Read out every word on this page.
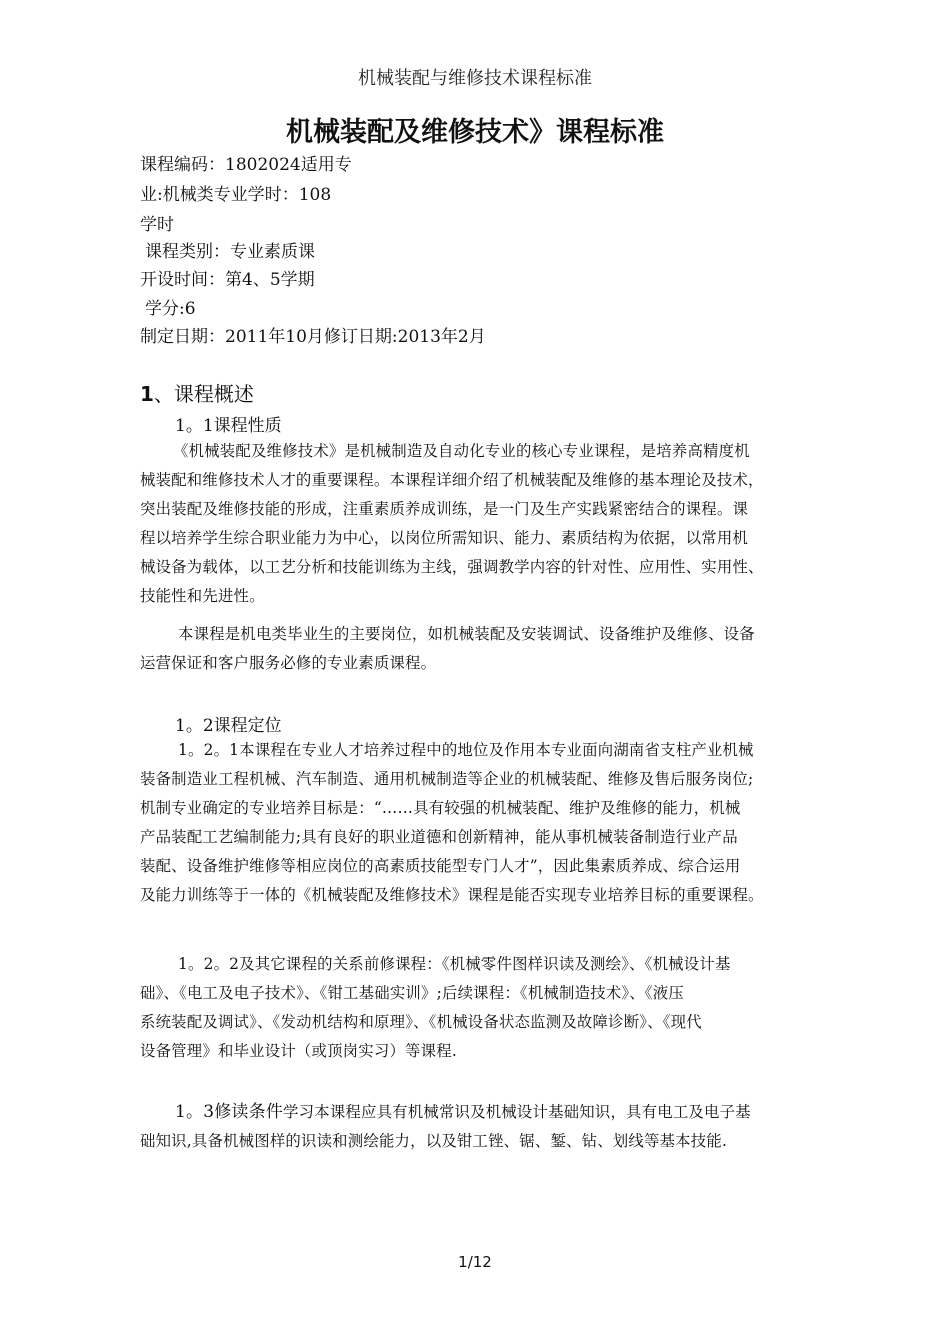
机械装配与维修技术课程标准
机械装配及维修技术》课程标准
课程编码：1802024适用专
业:机械类专业学时：108
学时
课程类别：专业素质课
开设时间：第4、5学期
学分:6
制定日期：2011年10月修订日期:2013年2月
1、课程概述
1。1课程性质
《机械装配及维修技术》是机械制造及自动化专业的核心专业课程，是培养高精度机
械装配和维修技术人才的重要课程。本课程详细介绍了机械装配及维修的基本理论及技术，
突出装配及维修技能的形成，注重素质养成训练，是一门及生产实践紧密结合的课程。课
程以培养学生综合职业能力为中心，以岗位所需知识、能力、素质结构为依据，以常用机
械设备为载体，以工艺分析和技能训练为主线，强调教学内容的针对性、应用性、实用性、
技能性和先进性。
本课程是机电类毕业生的主要岗位，如机械装配及安装调试、设备维护及维修、设备
运营保证和客户服务必修的专业素质课程。
1。2课程定位
1。2。1本课程在专业人才培养过程中的地位及作用本专业面向湖南省支柱产业机械
装备制造业工程机械、汽车制造、通用机械制造等企业的机械装配、维修及售后服务岗位;
机制专业确定的专业培养目标是：“……具有较强的机械装配、维护及维修的能力，机械
产品装配工艺编制能力;具有良好的职业道德和创新精神，能从事机械装备制造行业产品
装配、设备维护维修等相应岗位的高素质技能型专门人才”，因此集素质养成、综合运用
及能力训练等于一体的《机械装配及维修技术》课程是能否实现专业培养目标的重要课程。
1。2。2及其它课程的关系前修课程：《机械零件图样识读及测绘》、《机械设计基
础》、《电工及电子技术》、《钳工基础实训》;后续课程：《机械制造技术》、《液压
系统装配及调试》、《发动机结构和原理》、《机械设备状态监测及故障诊断》、《现代
设备管理》和毕业设计（或顶岗实习）等课程.
1。3修读条件学习本课程应具有机械常识及机械设计基础知识，具有电工及电子基
础知识,具备机械图样的识读和测绘能力，以及钳工锉、锯、錾、钻、划线等基本技能.
1/12
